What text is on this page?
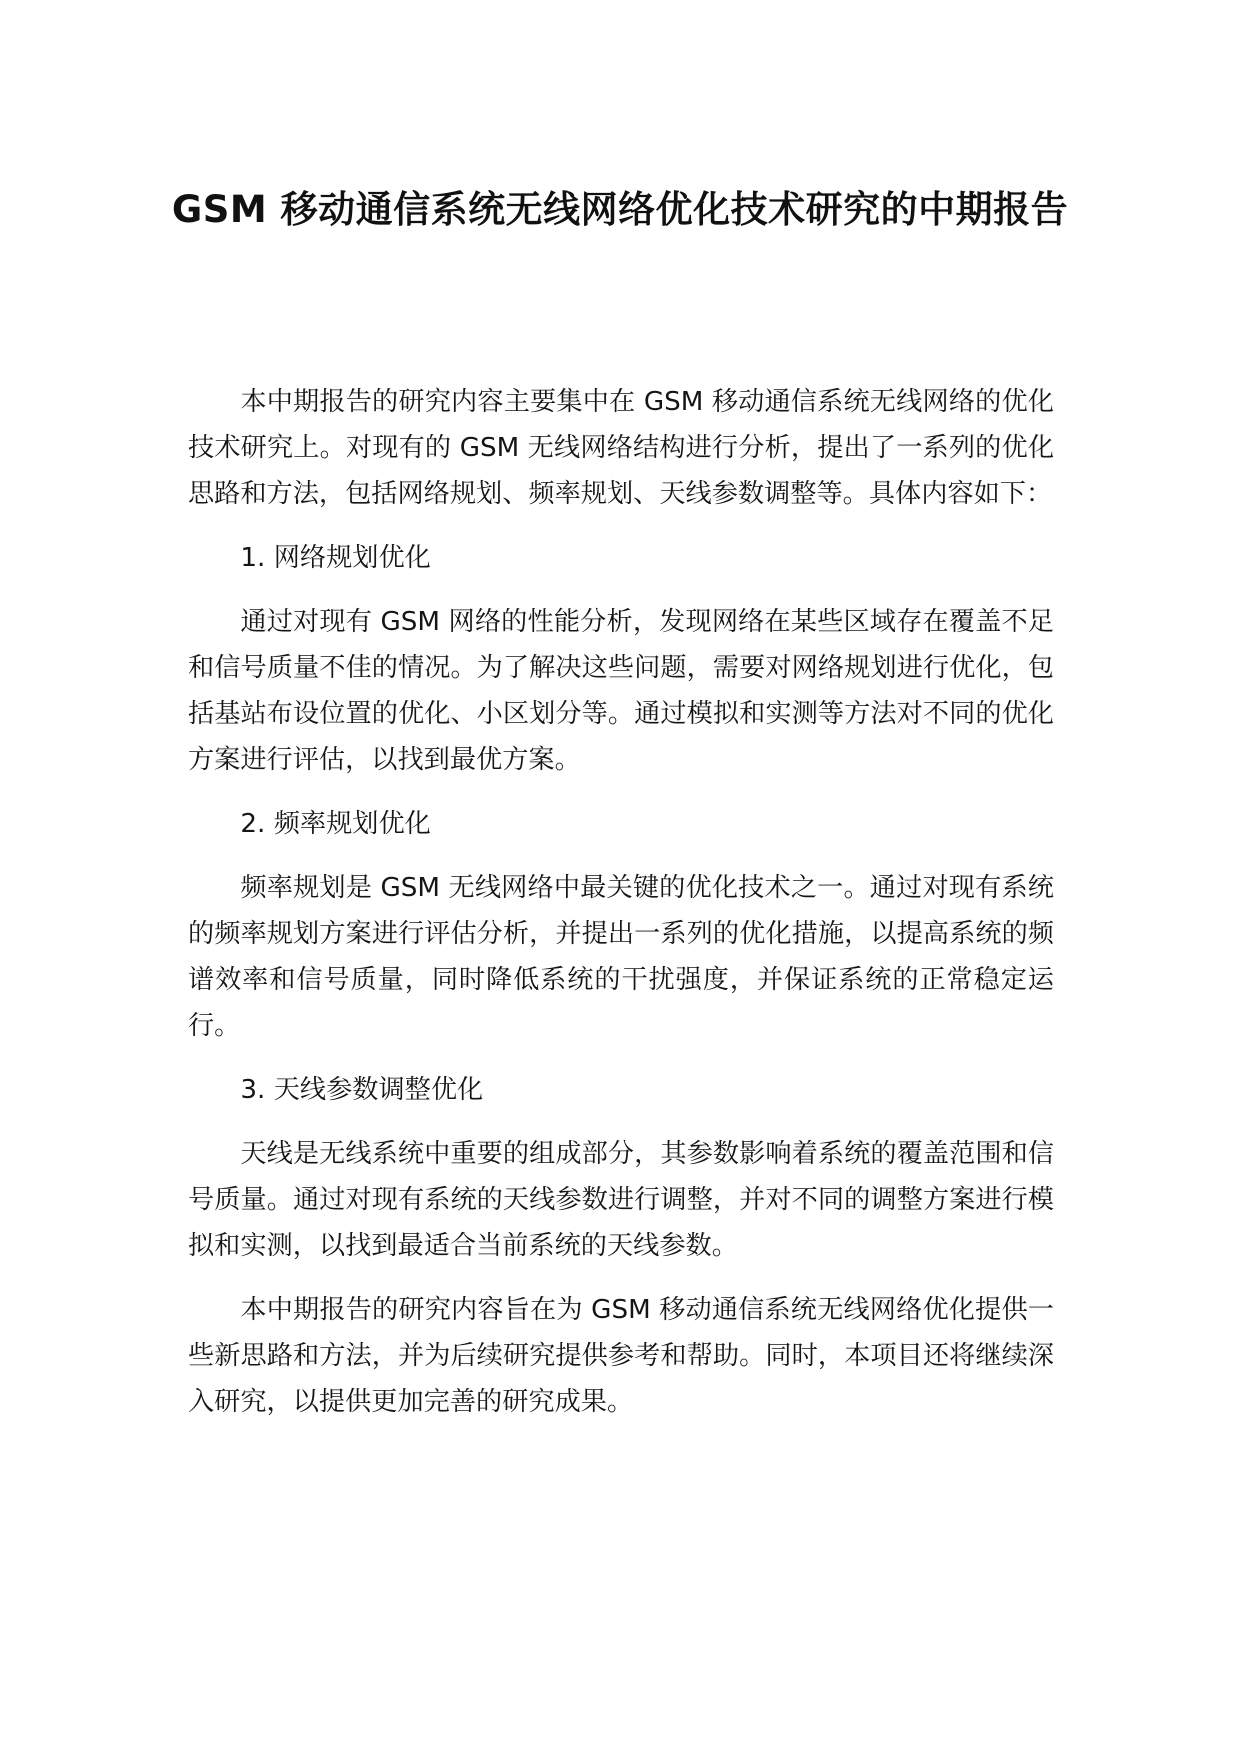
GSM 移动通信系统无线网络优化技术研究的中期报告

本中期报告的研究内容主要集中在 GSM 移动通信系统无线网络的优化技术研究上。对现有的 GSM 无线网络结构进行分析，提出了一系列的优化思路和方法，包括网络规划、频率规划、天线参数调整等。具体内容如下：

1. 网络规划优化

通过对现有 GSM 网络的性能分析，发现网络在某些区域存在覆盖不足和信号质量不佳的情况。为了解决这些问题，需要对网络规划进行优化，包括基站布设位置的优化、小区划分等。通过模拟和实测等方法对不同的优化方案进行评估，以找到最优方案。

2. 频率规划优化

频率规划是 GSM 无线网络中最关键的优化技术之一。通过对现有系统的频率规划方案进行评估分析，并提出一系列的优化措施，以提高系统的频谱效率和信号质量，同时降低系统的干扰强度，并保证系统的正常稳定运行。

3. 天线参数调整优化

天线是无线系统中重要的组成部分，其参数影响着系统的覆盖范围和信号质量。通过对现有系统的天线参数进行调整，并对不同的调整方案进行模拟和实测，以找到最适合当前系统的天线参数。

本中期报告的研究内容旨在为 GSM 移动通信系统无线网络优化提供一些新思路和方法，并为后续研究提供参考和帮助。同时，本项目还将继续深入研究，以提供更加完善的研究成果。
